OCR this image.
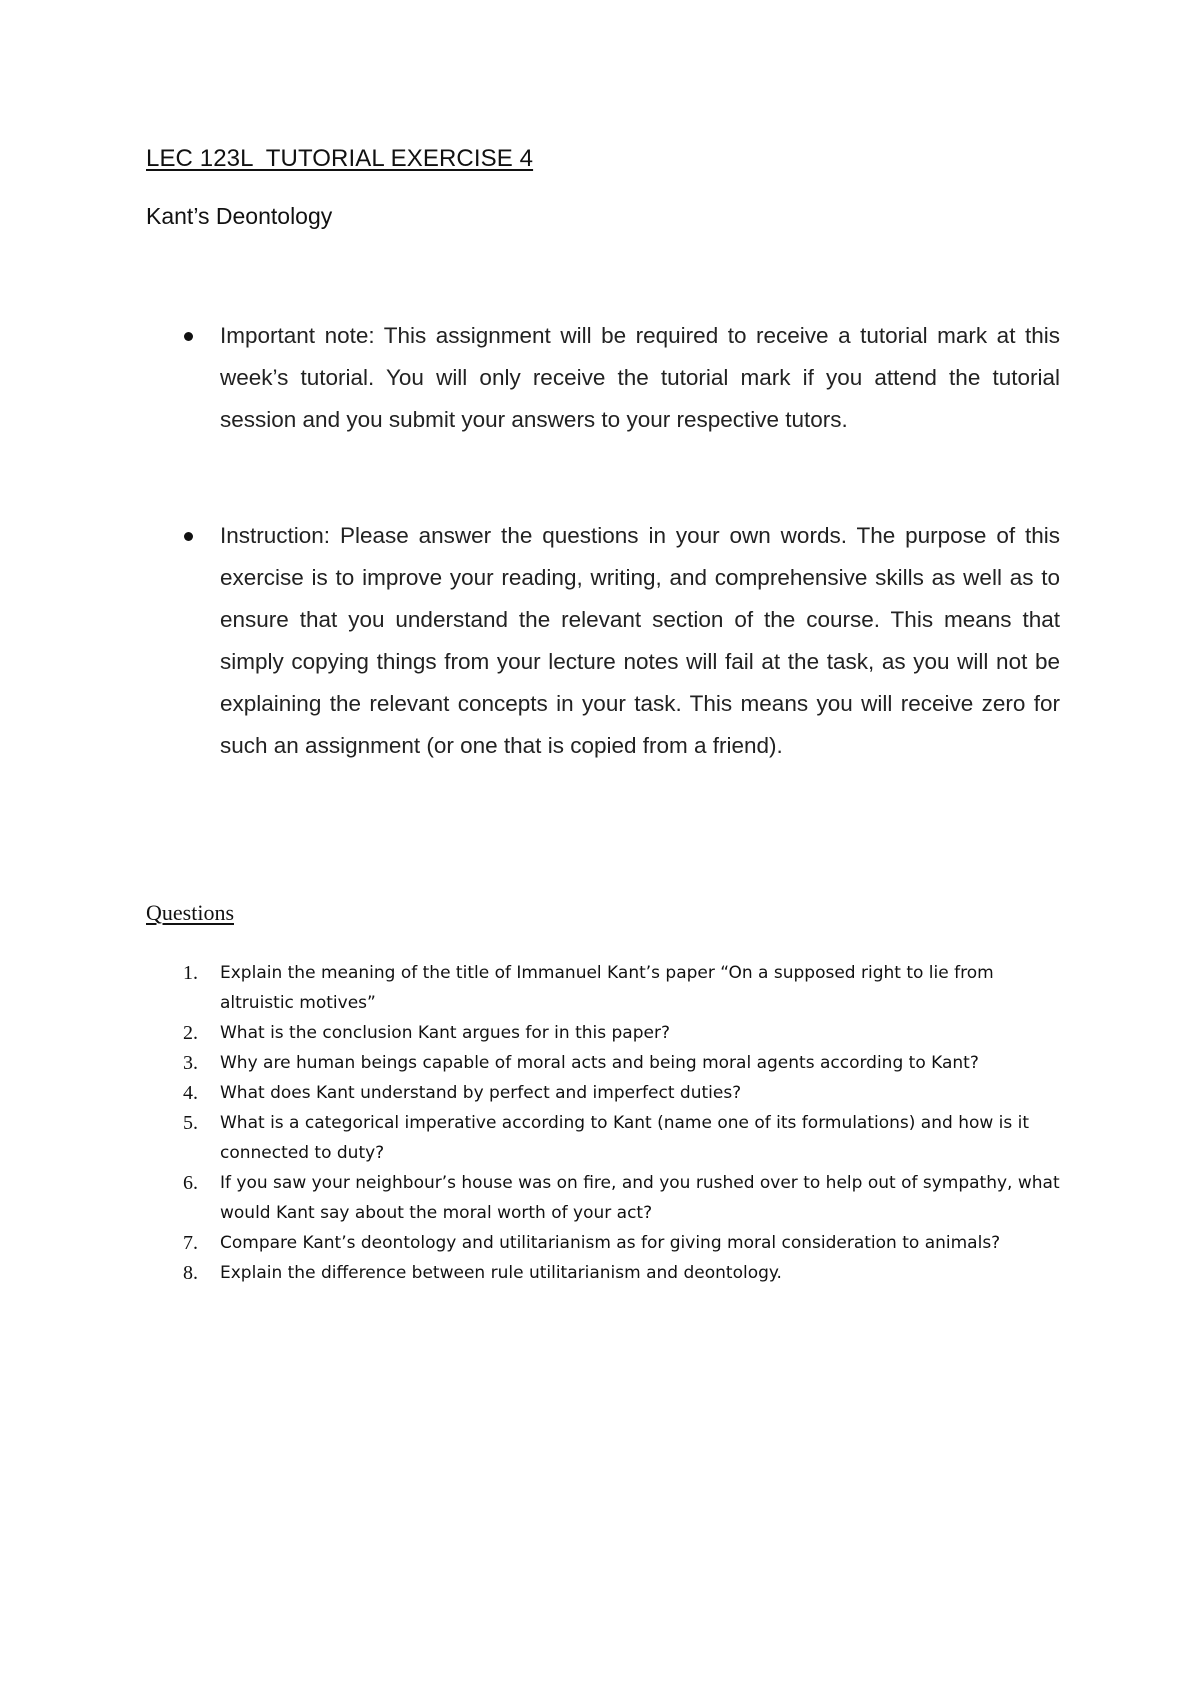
LEC 123L  TUTORIAL EXERCISE 4
Kant’s Deontology
Important note: This assignment will be required to receive a tutorial mark at this week’s tutorial. You will only receive the tutorial mark if you attend the tutorial session and you submit your answers to your respective tutors.
Instruction: Please answer the questions in your own words. The purpose of this exercise is to improve your reading, writing, and comprehensive skills as well as to ensure that you understand the relevant section of the course. This means that simply copying things from your lecture notes will fail at the task, as you will not be explaining the relevant concepts in your task. This means you will receive zero for such an assignment (or one that is copied from a friend).
Questions
1. Explain the meaning of the title of Immanuel Kant’s paper “On a supposed right to lie from altruistic motives”
2. What is the conclusion Kant argues for in this paper?
3. Why are human beings capable of moral acts and being moral agents according to Kant?
4. What does Kant understand by perfect and imperfect duties?
5. What is a categorical imperative according to Kant (name one of its formulations) and how is it connected to duty?
6. If you saw your neighbour’s house was on fire, and you rushed over to help out of sympathy, what would Kant say about the moral worth of your act?
7. Compare Kant’s deontology and utilitarianism as for giving moral consideration to animals?
8. Explain the difference between rule utilitarianism and deontology.
